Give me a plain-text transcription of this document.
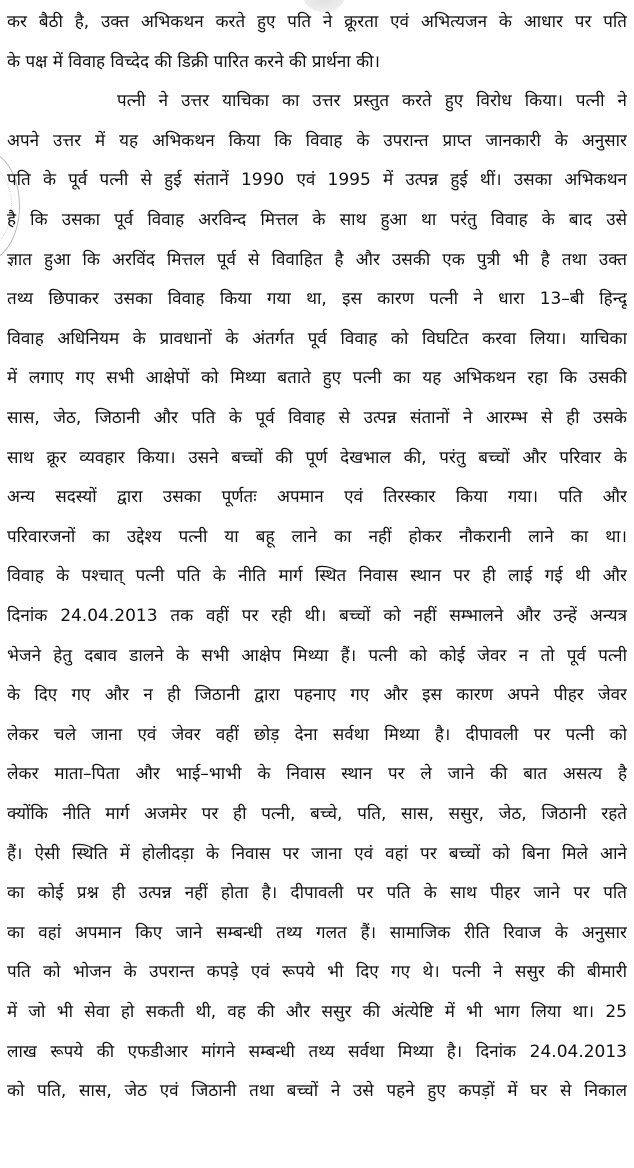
कर बैठी है, उक्त अभिकथन करते हुए पति ने क्रूरता एवं अभित्यजन के आधार पर पति
के पक्ष में विवाह विच्देद की डिक्री पारित करने की प्रार्थना की।
पत्नी ने उत्तर याचिका का उत्तर प्रस्तुत करते हुए विरोध किया। पत्नी ने
अपने उत्तर में यह अभिकथन किया कि विवाह के उपरान्त प्राप्त जानकारी के अनुसार
पति के पूर्व पत्नी से हुई संतानें 1990 एवं 1995 में उत्पन्न हुई थीं। उसका अभिकथन
है कि उसका पूर्व विवाह अरविन्द मित्तल के साथ हुआ था परंतु विवाह के बाद उसे
ज्ञात हुआ कि अरविंद मित्तल पूर्व से विवाहित है और उसकी एक पुत्री भी है तथा उक्त
तथ्य छिपाकर उसका विवाह किया गया था, इस कारण पत्नी ने धारा 13–बी हिन्दू
विवाह अधिनियम के प्रावधानों के अंतर्गत पूर्व विवाह को विघटित करवा लिया। याचिका
में लगाए गए सभी आक्षेपों को मिथ्या बताते हुए पत्नी का यह अभिकथन रहा कि उसकी
सास, जेठ, जिठानी और पति के पूर्व विवाह से उत्पन्न संतानों ने आरम्भ से ही उसके
साथ क्रूर व्यवहार किया। उसने बच्चों की पूर्ण देखभाल की, परंतु बच्चों और परिवार के
अन्य सदस्यों द्वारा उसका पूर्णतः अपमान एवं तिरस्कार किया गया। पति और
परिवारजनों का उद्देश्य पत्नी या बहू लाने का नहीं होकर नौकरानी लाने का था।
विवाह के पश्चात् पत्नी पति के नीति मार्ग स्थित निवास स्थान पर ही लाई गई थी और
दिनांक 24.04.2013 तक वहीं पर रही थी। बच्चों को नहीं सम्भालने और उन्हें अन्यत्र
भेजने हेतु दबाव डालने के सभी आक्षेप मिथ्या हैं। पत्नी को कोई जेवर न तो पूर्व पत्नी
के दिए गए और न ही जिठानी द्वारा पहनाए गए और इस कारण अपने पीहर जेवर
लेकर चले जाना एवं जेवर वहीं छोड़ देना सर्वथा मिथ्या है। दीपावली पर पत्नी को
लेकर माता–पिता और भाई–भाभी के निवास स्थान पर ले जाने की बात असत्य है
क्योंकि नीति मार्ग अजमेर पर ही पत्नी, बच्चे, पति, सास, ससुर, जेठ, जिठानी रहते
हैं। ऐसी स्थिति में होलीदड़ा के निवास पर जाना एवं वहां पर बच्चों को बिना मिले आने
का कोई प्रश्न ही उत्पन्न नहीं होता है। दीपावली पर पति के साथ पीहर जाने पर पति
का वहां अपमान किए जाने सम्बन्धी तथ्य गलत हैं। सामाजिक रीति रिवाज के अनुसार
पति को भोजन के उपरान्त कपड़े एवं रूपये भी दिए गए थे। पत्नी ने ससुर की बीमारी
में जो भी सेवा हो सकती थी, वह की और ससुर की अंत्येष्टि में भी भाग लिया था। 25
लाख रूपये की एफडीआर मांगने सम्बन्धी तथ्य सर्वथा मिथ्या है। दिनांक 24.04.2013
को पति, सास, जेठ एवं जिठानी तथा बच्चों ने उसे पहने हुए कपड़ों में घर से निकाल
